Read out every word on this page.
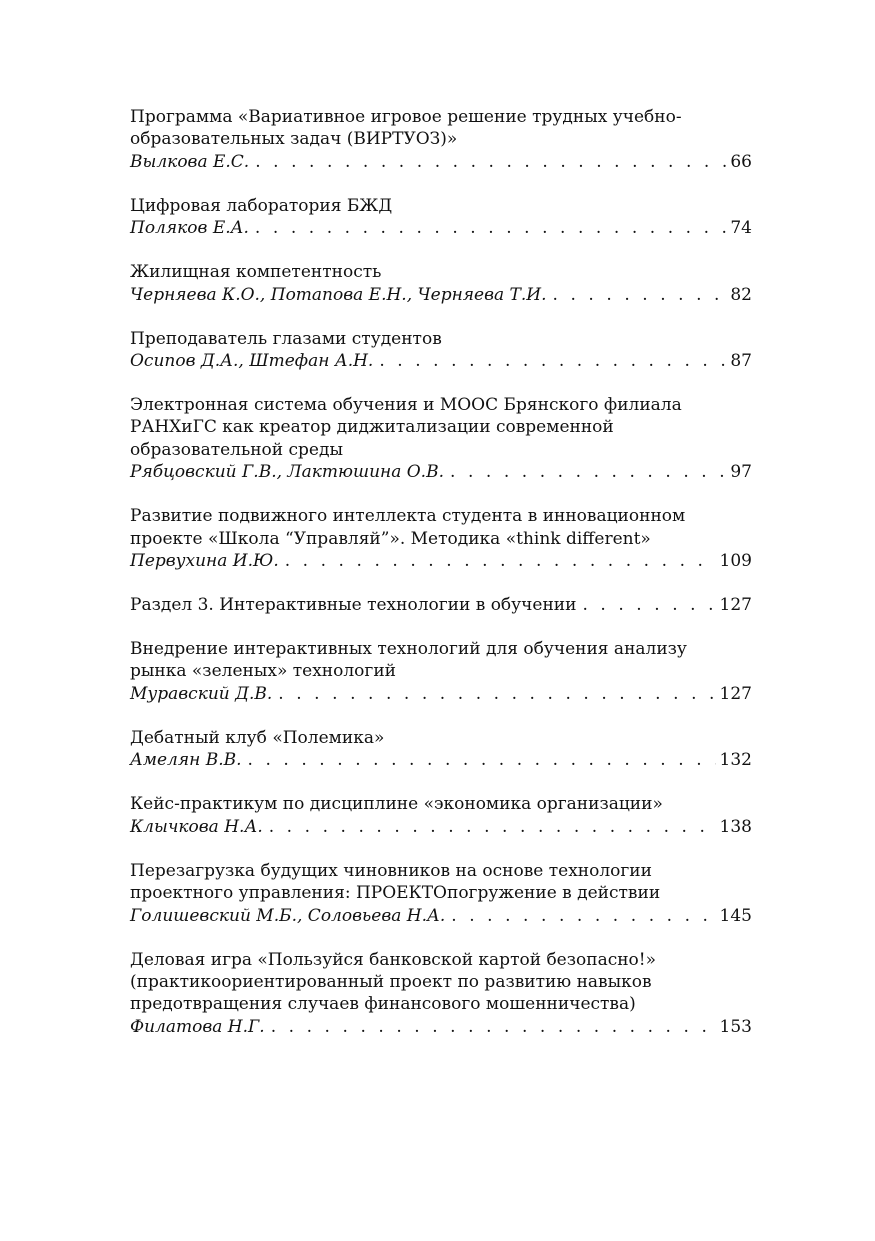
Программа «Вариативное игровое решение трудных учебно-
образовательных задач (ВИРТУОЗ)»
Вылкова Е.С. . . .	66
Цифровая лаборатория БЖД
Поляков Е.А. . . .	74
Жилищная компетентность
Черняева К.О., Потапова Е.Н., Черняева Т.И. . . .	82
Преподаватель глазами студентов
Осипов Д.А., Штефан А.Н. . . .	87
Электронная система обучения и MOOC Брянского филиала
РАНХиГС как креатор диджитализации современной
образовательной среды
Рябцовский Г.В., Лактюшина О.В. . . .	97
Развитие подвижного интеллекта студента в инновационном
проекте «Школа “Управляй”». Методика «think different»
Первухина И.Ю. . . .	109
Раздел 3. Интерактивные технологии в обучении . . .	127
Внедрение интерактивных технологий для обучения анализу
рынка «зеленых» технологий
Муравский Д.В. . . .	127
Дебатный клуб «Полемика»
Амелян В.В. . . .	132
Кейс-практикум по дисциплине «экономика организации»
Клычкова Н.А. . . .	138
Перезагрузка будущих чиновников на основе технологии
проектного управления: ПРОЕКТОпогружение в действии
Голишевский М.Б., Соловьева Н.А. . . .	145
Деловая игра «Пользуйся банковской картой безопасно!»
(практикоориентированный проект по развитию навыков
предотвращения случаев финансового мошенничества)
Филатова Н.Г. . . .	153
